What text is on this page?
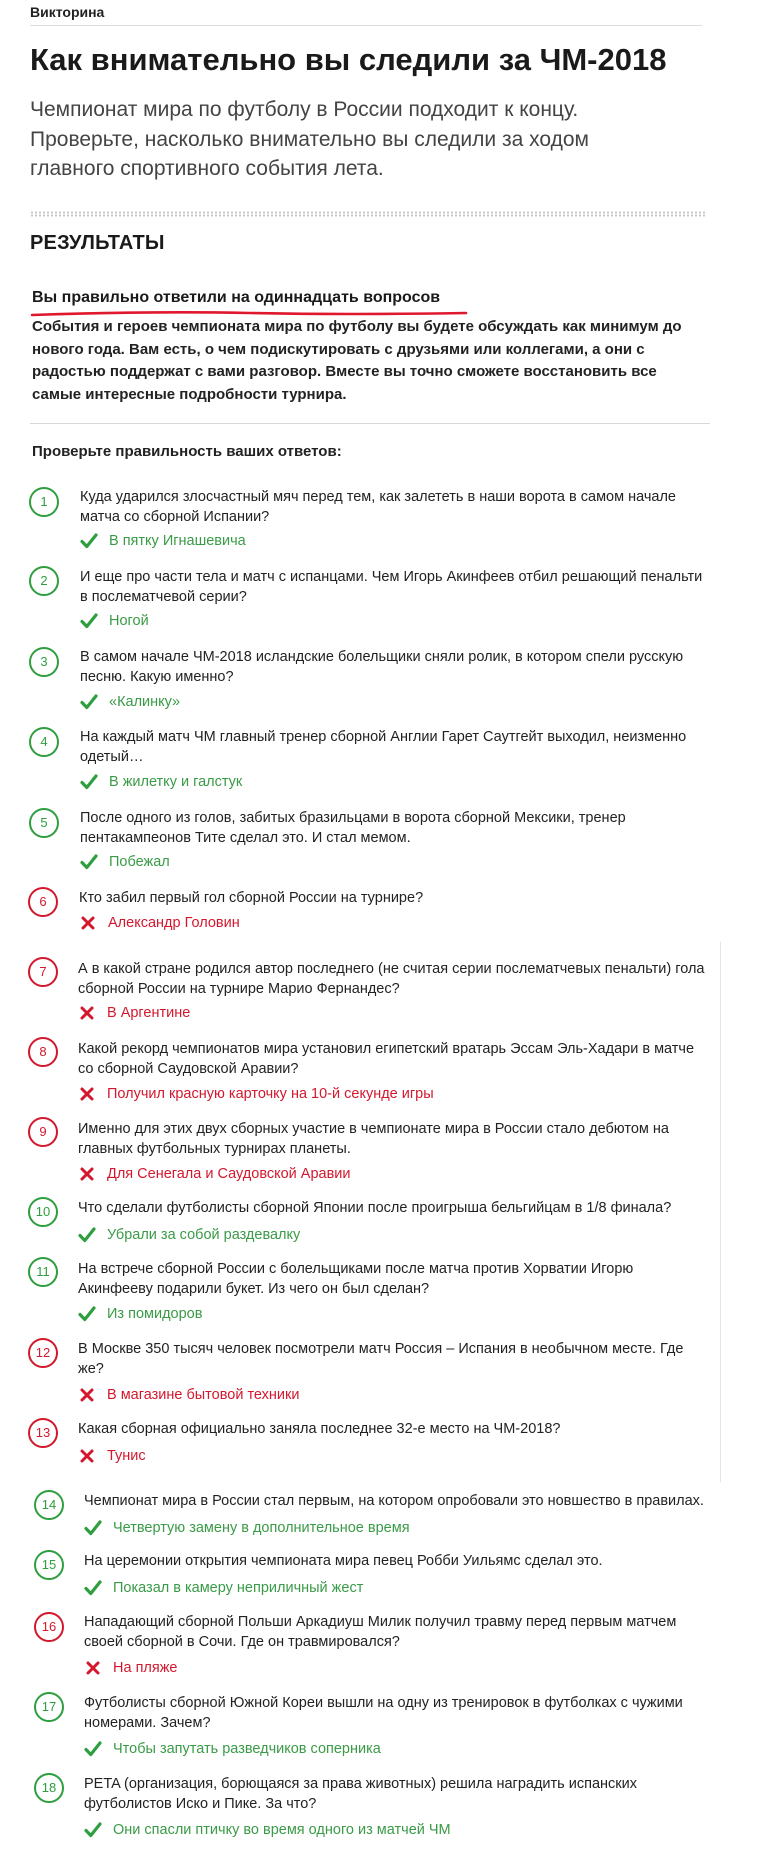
Викторина
Как внимательно вы следили за ЧМ-2018

Чемпионат мира по футболу в России подходит к концу. Проверьте, насколько внимательно вы следили за ходом главного спортивного события лета.

РЕЗУЛЬТАТЫ
Вы правильно ответили на одиннадцать вопросов

События и героев чемпионата мира по футболу вы будете обсуждать как минимум до нового года. Вам есть, о чем подискутировать с друзьями или коллегами, а они с радостью поддержат с вами разговор. Вместе вы точно сможете восстановить все самые интересные подробности турнира.

Проверьте правильность ваших ответов:
1	Куда ударился злосчастный мяч перед тем, как залететь в наши ворота в самом начале матча со сборной Испании?
В пятку Игнашевича
2	И еще про части тела и матч с испанцами. Чем Игорь Акинфеев отбил решающий пенальти в послематчевой серии?
Ногой
3	В самом начале ЧМ-2018 исландские болельщики сняли ролик, в котором спели русскую песню. Какую именно?
«Калинку»
4	На каждый матч ЧМ главный тренер сборной Англии Гарет Саутгейт выходил, неизменно одетый…
В жилетку и галстук
5	После одного из голов, забитых бразильцами в ворота сборной Мексики, тренер пентакампеонов Тите сделал это. И стал мемом.
Побежал
6	Кто забил первый гол сборной России на турнире?
Александр Головин
7	А в какой стране родился автор последнего (не считая серии послематчевых пенальти) гола сборной России на турнире Марио Фернандес?
В Аргентине
8	Какой рекорд чемпионатов мира установил египетский вратарь Эссам Эль-Хадари в матче со сборной Саудовской Аравии?
Получил красную карточку на 10-й секунде игры
9	Именно для этих двух сборных участие в чемпионате мира в России стало дебютом на главных футбольных турнирах планеты.
Для Сенегала и Саудовской Аравии
10	Что сделали футболисты сборной Японии после проигрыша бельгийцам в 1/8 финала?
Убрали за собой раздевалку
11	На встрече сборной России с болельщиками после матча против Хорватии Игорю Акинфееву подарили букет. Из чего он был сделан?
Из помидоров
12	В Москве 350 тысяч человек посмотрели матч Россия – Испания в необычном месте. Где же?
В магазине бытовой техники
13	Какая сборная официально заняла последнее 32-е место на ЧМ-2018?
Тунис
14	Чемпионат мира в России стал первым, на котором опробовали это новшество в правилах.
Четвертую замену в дополнительное время
15	На церемонии открытия чемпионата мира певец Робби Уильямс сделал это.
Показал в камеру неприличный жест
16	Нападающий сборной Польши Аркадиуш Милик получил травму перед первым матчем своей сборной в Сочи. Где он травмировался?
На пляже
17	Футболисты сборной Южной Кореи вышли на одну из тренировок в футболках с чужими номерами. Зачем?
Чтобы запутать разведчиков соперника
18	PETA (организация, борющаяся за права животных) решила наградить испанских футболистов Иско и Пике. За что?
Они спасли птичку во время одного из матчей ЧМ
